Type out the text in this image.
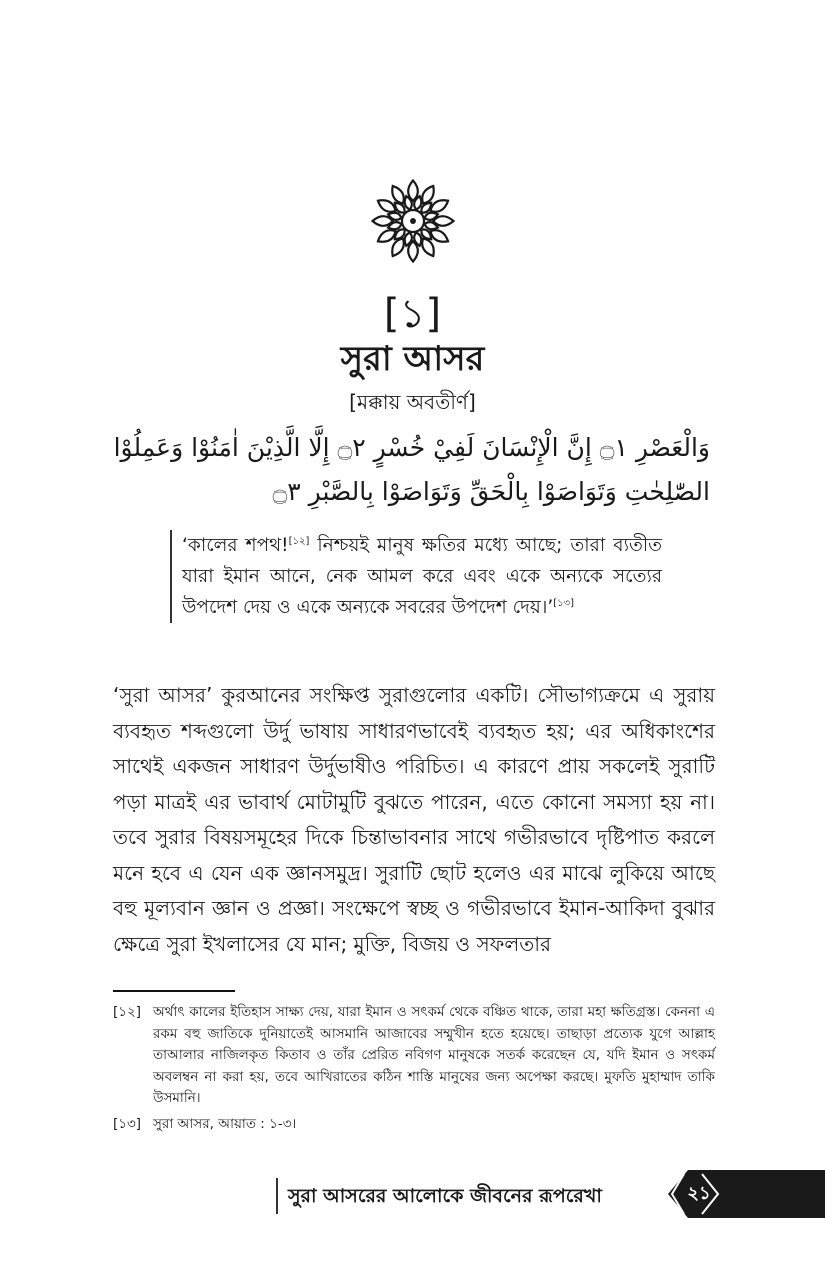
[১]
সুরা আসর
[মক্কায় অবতীর্ণ]
وَالْعَصْرِ ۝١ إِنَّ الْإِنْسَانَ لَفِيْ خُسْرٍ ۝٢ إِلَّا الَّذِيْنَ اٰمَنُوْا وَعَمِلُوْا
الصّٰلِحٰتِ وَتَوَاصَوْا بِالْحَقِّ وَتَوَاصَوْا بِالصَّبْرِ ۝٣
‘কালের শপথ![১২] নিশ্চয়ই মানুষ ক্ষতির মধ্যে আছে; তারা ব্যতীত যারা ইমান আনে, নেক আমল করে এবং একে অন্যকে সত্যের উপদেশ দেয় ও একে অন্যকে সবরের উপদেশ দেয়।’[১৩]
‘সুরা আসর’ কুরআনের সংক্ষিপ্ত সুরাগুলোর একটি। সৌভাগ্যক্রমে এ সুরায় ব্যবহৃত শব্দগুলো উর্দু ভাষায় সাধারণভাবেই ব্যবহৃত হয়; এর অধিকাংশের সাথেই একজন সাধারণ উর্দুভাষীও পরিচিত। এ কারণে প্রায় সকলেই সুরাটি পড়া মাত্রই এর ভাবার্থ মোটামুটি বুঝতে পারেন, এতে কোনো সমস্যা হয় না। তবে সুরার বিষয়সমূহের দিকে চিন্তাভাবনার সাথে গভীরভাবে দৃষ্টিপাত করলে মনে হবে এ যেন এক জ্ঞানসমুদ্র। সুরাটি ছোট হলেও এর মাঝে লুকিয়ে আছে বহু মূল্যবান জ্ঞান ও প্রজ্ঞা। সংক্ষেপে স্বচ্ছ ও গভীরভাবে ইমান-আকিদা বুঝার ক্ষেত্রে সুরা ইখলাসের যে মান; মুক্তি, বিজয় ও সফলতার
[১২] অর্থাৎ কালের ইতিহাস সাক্ষ্য দেয়, যারা ইমান ও সৎকর্ম থেকে বঞ্চিত থাকে, তারা মহা ক্ষতিগ্রস্ত। কেননা এ রকম বহু জাতিকে দুনিয়াতেই আসমানি আজাবের সম্মুখীন হতে হয়েছে। তাছাড়া প্রত্যেক যুগে আল্লাহ তাআলার নাজিলকৃত কিতাব ও তাঁর প্রেরিত নবিগণ মানুষকে সতর্ক করেছেন যে, যদি ইমান ও সৎকর্ম অবলম্বন না করা হয়, তবে আখিরাতের কঠিন শাস্তি মানুষের জন্য অপেক্ষা করছে। মুফতি মুহাম্মাদ তাকি উসমানি।
[১৩] সুরা আসর, আয়াত : ১-৩।
সুরা আসরের আলোকে জীবনের রূপরেখা	২১
